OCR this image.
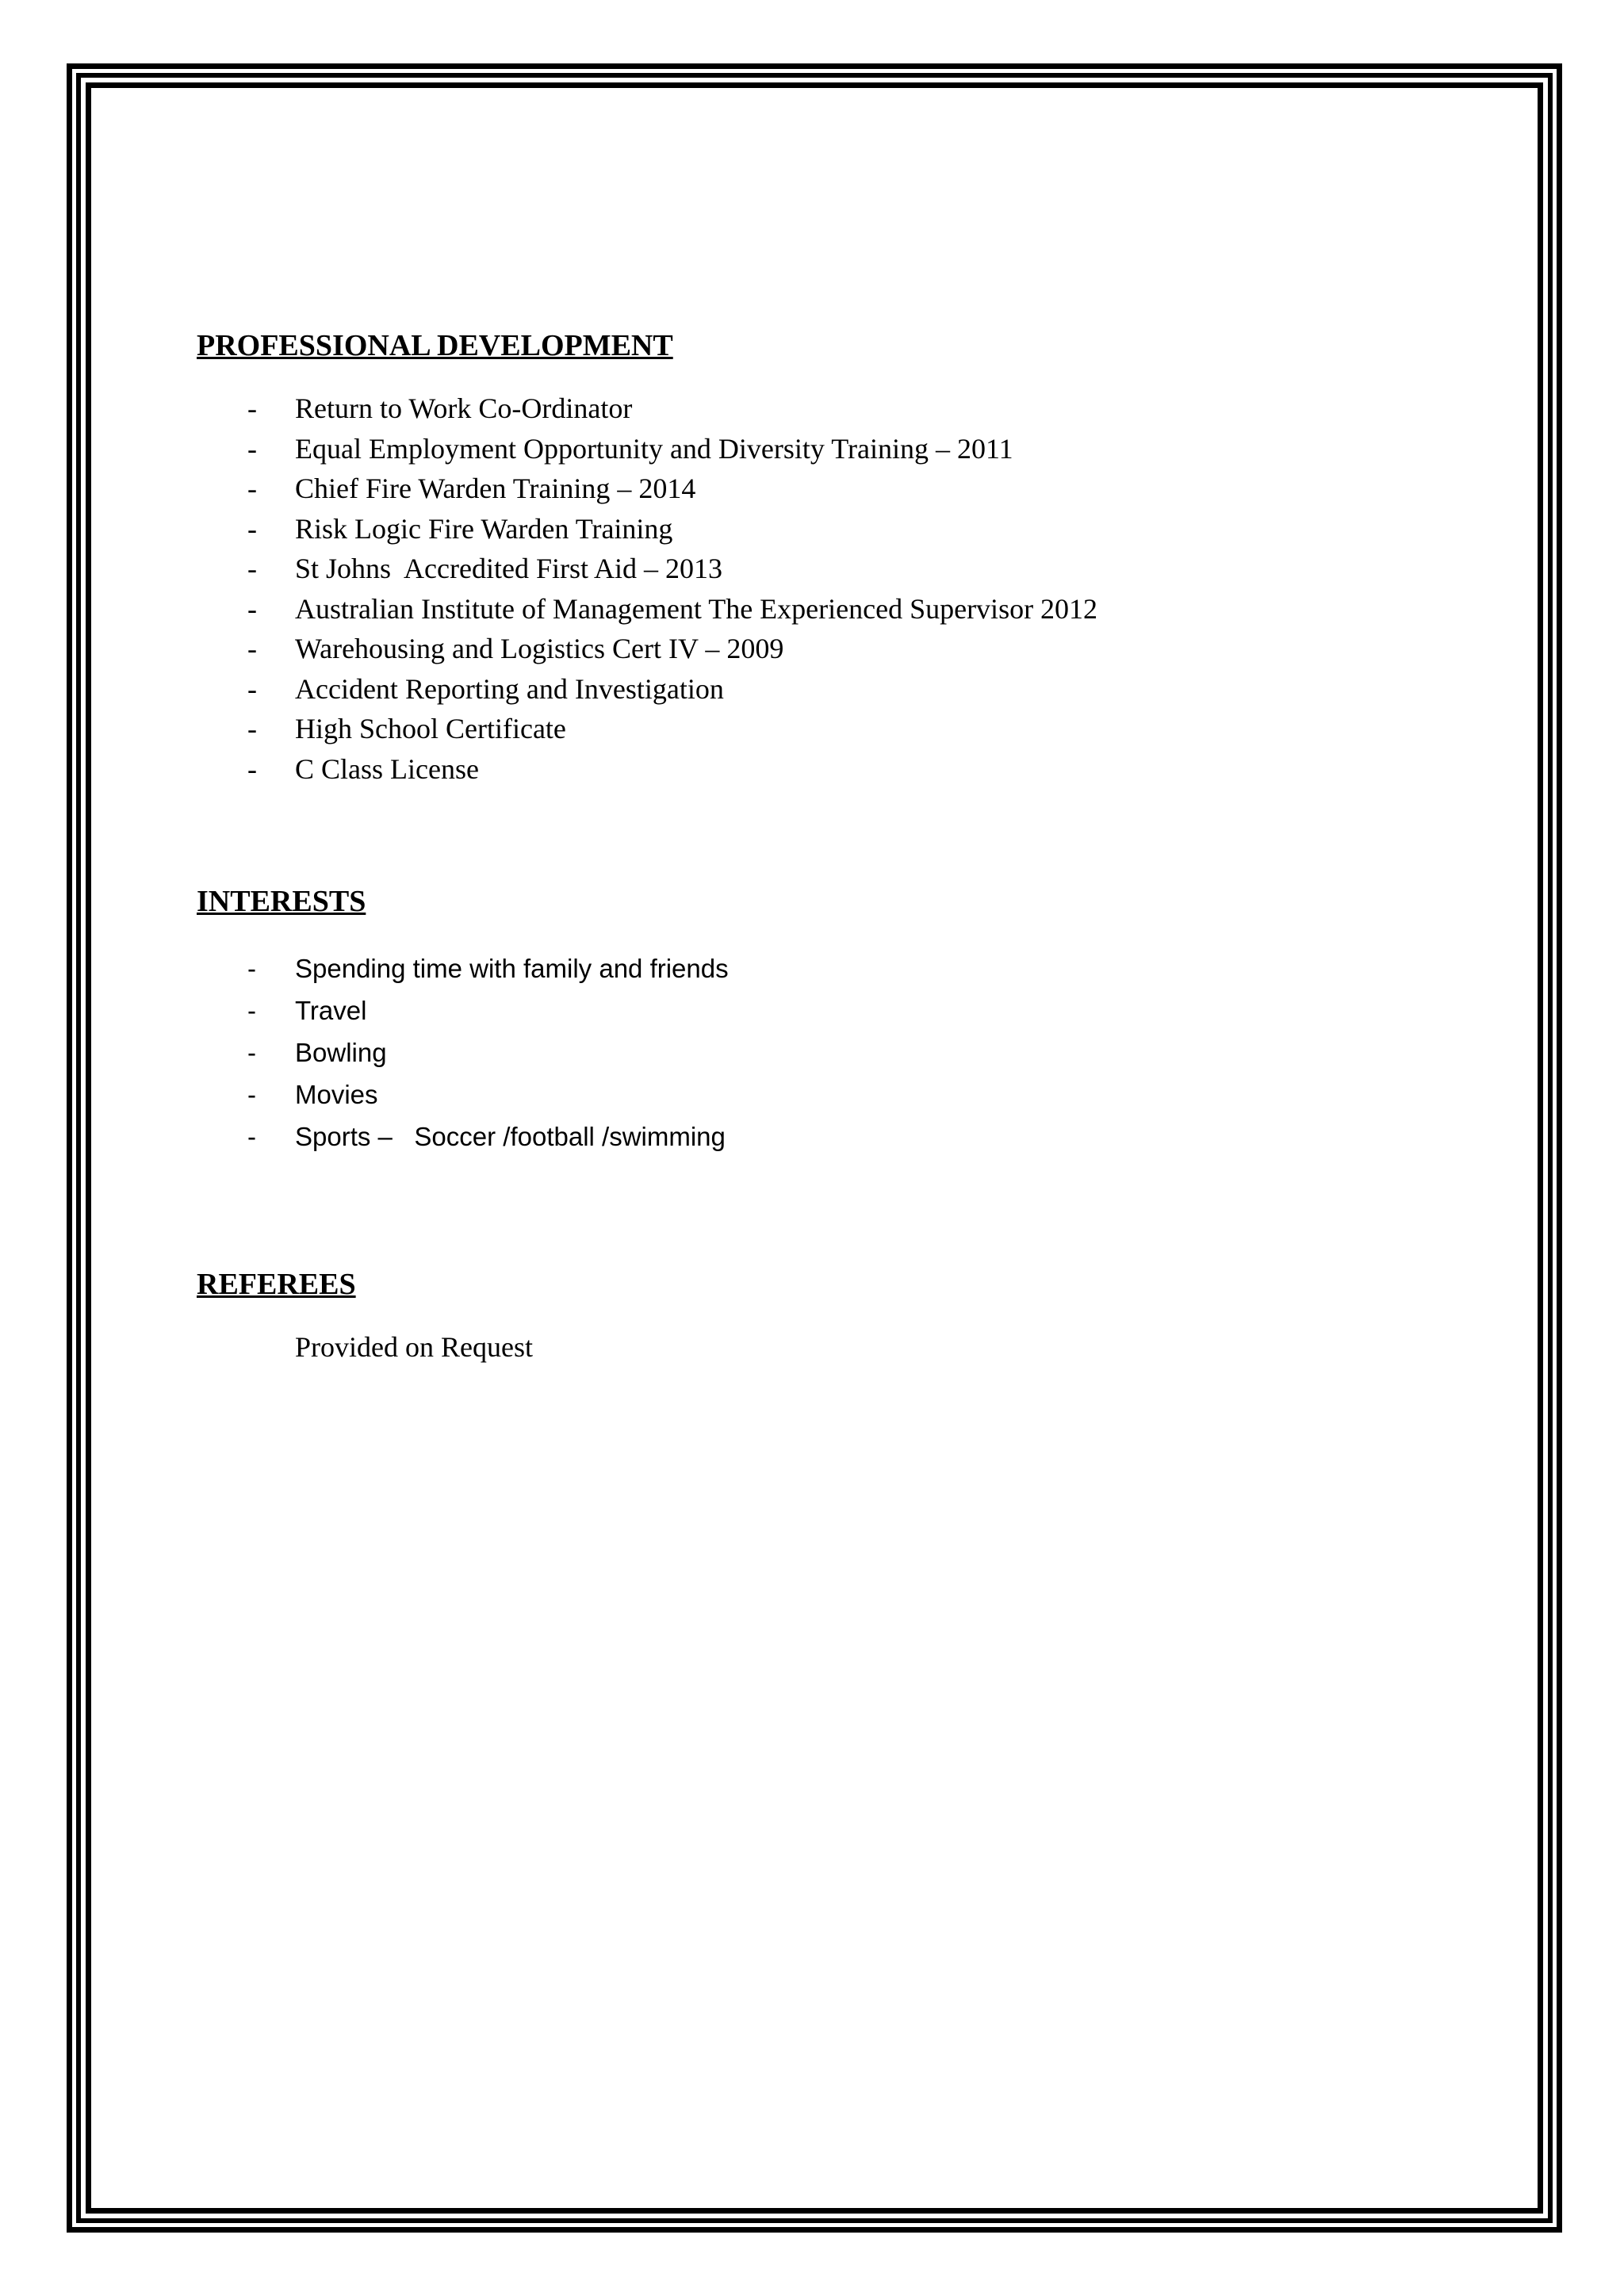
PROFESSIONAL DEVELOPMENT
- Return to Work Co-Ordinator
- Equal Employment Opportunity and Diversity Training – 2011
- Chief Fire Warden Training – 2014
- Risk Logic Fire Warden Training
- St Johns  Accredited First Aid – 2013
- Australian Institute of Management The Experienced Supervisor 2012
- Warehousing and Logistics Cert IV – 2009
- Accident Reporting and Investigation
- High School Certificate
- C Class License
INTERESTS
- Spending time with family and friends
- Travel
- Bowling
- Movies
- Sports –   Soccer /football /swimming
REFEREES

Provided on Request
